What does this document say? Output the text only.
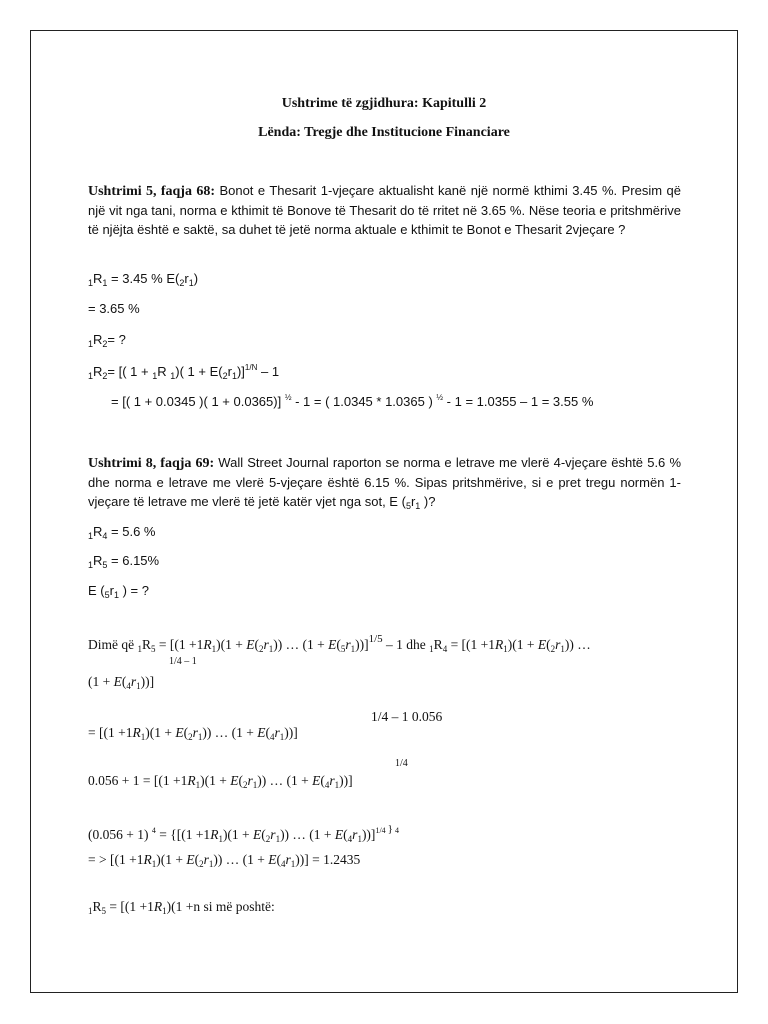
Ushtrime të zgjidhura: Kapitulli 2
Lënda: Tregje dhe Institucione Financiare
Ushtrimi 5, faqja 68: Bonot e Thesarit 1-vjeçare aktualisht kanë një normë kthimi 3.45 %. Presim që një vit nga tani, norma e kthimit të Bonove të Thesarit do të rritet në 3.65 %. Nëse teoria e pritshmërive të njëjta është e saktë, sa duhet të jetë norma aktuale e kthimit te Bonot e Thesarit 2vjeçare ?
$_1R_1 = 3.45$ % $E(_2r_1)$
= 3.65 %
$_1R_2=$ ?
$_1R_2=$ [( 1 + $_1$R $_1$)( $1 + E(_2r_1)]^{1/N} - 1$
= [( 1 + 0.0345 )( 1 + 0.0365)] $^{\frac{1}{2}}$ - 1 = ( 1.0345 * 1.0365 ) $^{\frac{1}{2}}$ - 1 = 1.0355 – 1 = 3.55 %
Ushtrimi 8, faqja 69: Wall Street Journal raporton se norma e letrave me vlerë 4-vjeçare është 5.6 % dhe norma e letrave me vlerë 5-vjeçare është 6.15 %. Sipas pritshmërive, si e pret tregu normën 1- vjeçare të letrave me vlerë të jetë katër vjet nga sot, E ($_5r_1$ )?
$_1R_4 = 5.6$ %
$_1R_5 = 6.15\%$
E ($_5r_1$ ) = ?
Dimë që $_1R_5 = [(1 +1R_1)(1 + E(_2r_1))$ … $(1 + E(_5r_1))]^{1/5} - 1$ dhe $_1R_4 = [(1 +1R_1)(1 + E(_2r_1))$ …
1/4 – 1
$(1 + E(_4r_1))$]
1/4 – 1 0.056
= [$(1 +1R_1)(1 + E(_2r_1))$ … $(1 + E(_4r_1))$]
1/4
$0.056 + 1 = [(1 +1R_1)(1 + E(_2r_1))$ … $(1 + E(_4r_1))$]
(0.056 + 1) $^4 = \{[(1 +1R_1)(1 + E(_2r_1))$ … $(1 + E(_4r_1))]^{1/4}$ } $^4$
= > [$(1 +1R_1)(1 + E(_2r_1))$ … $(1 + E(_4r_1))] = 1.2435$
$_1R_5 = [(1 +1R_1)(1 +n$ si më poshtë:
